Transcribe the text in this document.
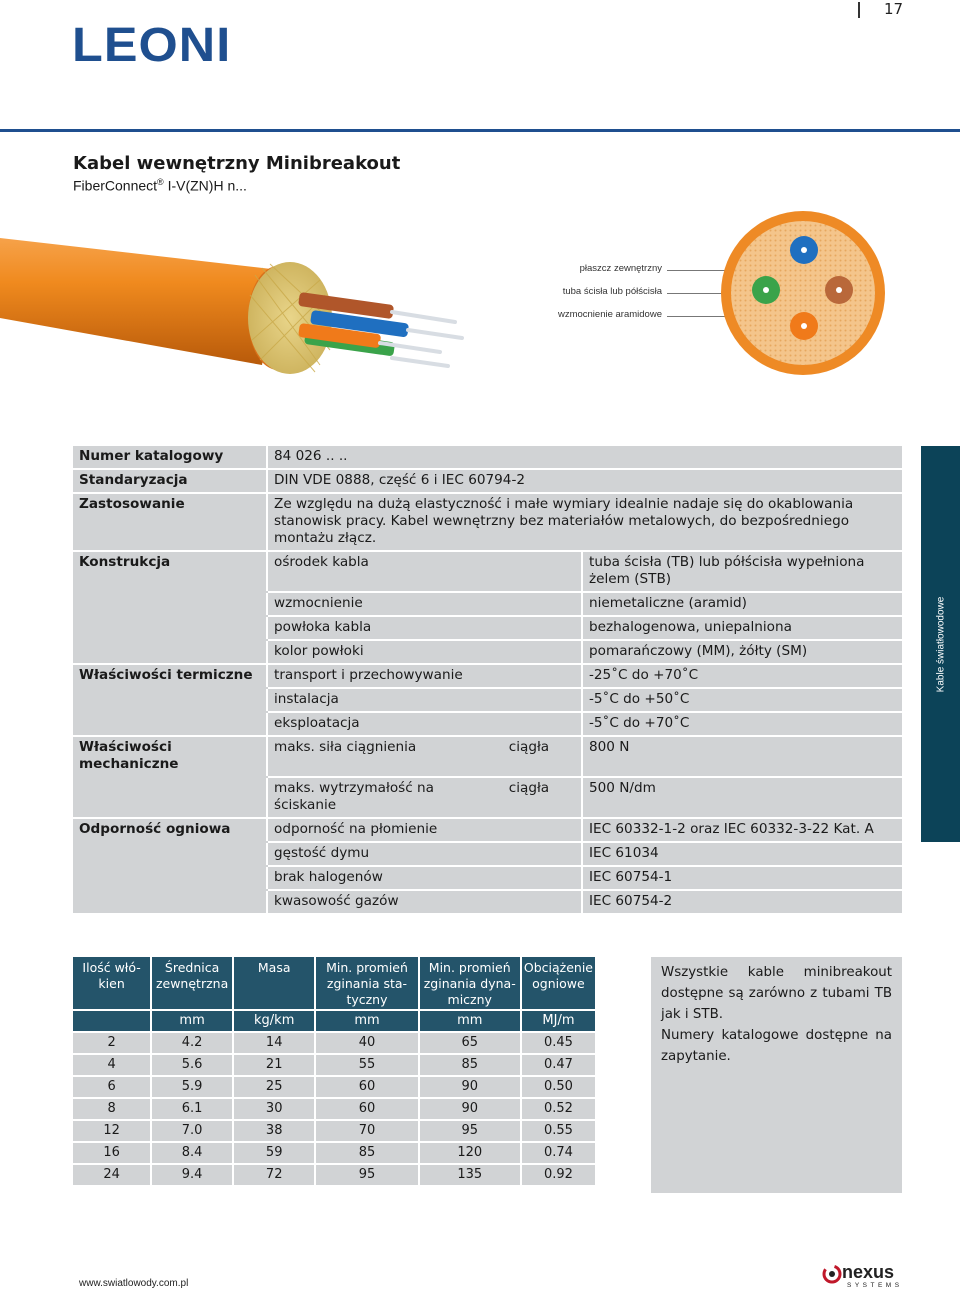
LEONI
17
Kabel wewnętrzny Minibreakout
FiberConnect® I-V(ZN)H n...
płaszcz zewnętrzny
tuba ścisła lub półścisła
wzmocnienie aramidowe
Numer katalogowy	84 026 .. ..		
Standaryzacja	DIN VDE 0888, część 6 i IEC 60794-2		
Zastosowanie	Ze względu na dużą elastyczność i małe wymiary idealnie nadaje się do okablowania stanowisk pracy. Kabel wewnętrzny bez materiałów metalowych, do bezpośredniego montażu złącz.		
Konstrukcja	ośrodek kabla		tuba ścisła (TB) lub półścisła wypełniona żelem (STB)
	wzmocnienie		niemetaliczne (aramid)
	powłoka kabla		bezhalogenowa, uniepalniona
	kolor powłoki		pomarańczowy (MM), żółty (SM)
Właściwości termiczne	transport i przechowywanie		-25˚C do +70˚C
	instalacja		-5˚C do +50˚C
	eksploatacja		-5˚C do +70˚C
Właściwości mechaniczne	maks. siła ciągnienia	ciągła	800 N
	maks. wytrzymałość na ściskanie	ciągła	500 N/dm
Odporność ogniowa	odporność na płomienie		IEC 60332-1-2 oraz IEC 60332-3-22 Kat. A
	gęstość dymu		IEC 61034
	brak halogenów		IEC 60754-1
	kwasowość gazów		IEC 60754-2
Kable światłowodowe
Ilość włó-kien	Średnica zewnętrzna	Masa	Min. promień zginania sta-tyczny	Min. promień zginania dyna-miczny	Obciążenie ogniowe
	mm	kg/km	mm	mm	MJ/m
2	4.2	14	40	65	0.45
4	5.6	21	55	85	0.47
6	5.9	25	60	90	0.50
8	6.1	30	60	90	0.52
12	7.0	38	70	95	0.55
16	8.4	59	85	120	0.74
24	9.4	72	95	135	0.92

Wszystkie kable minibreakout dostępne są zarówno z tubami TB jak i STB.

Numery katalogowe dostępne na zapytanie.

www.swiatlowody.com.pl
nexus
SYSTEMS
